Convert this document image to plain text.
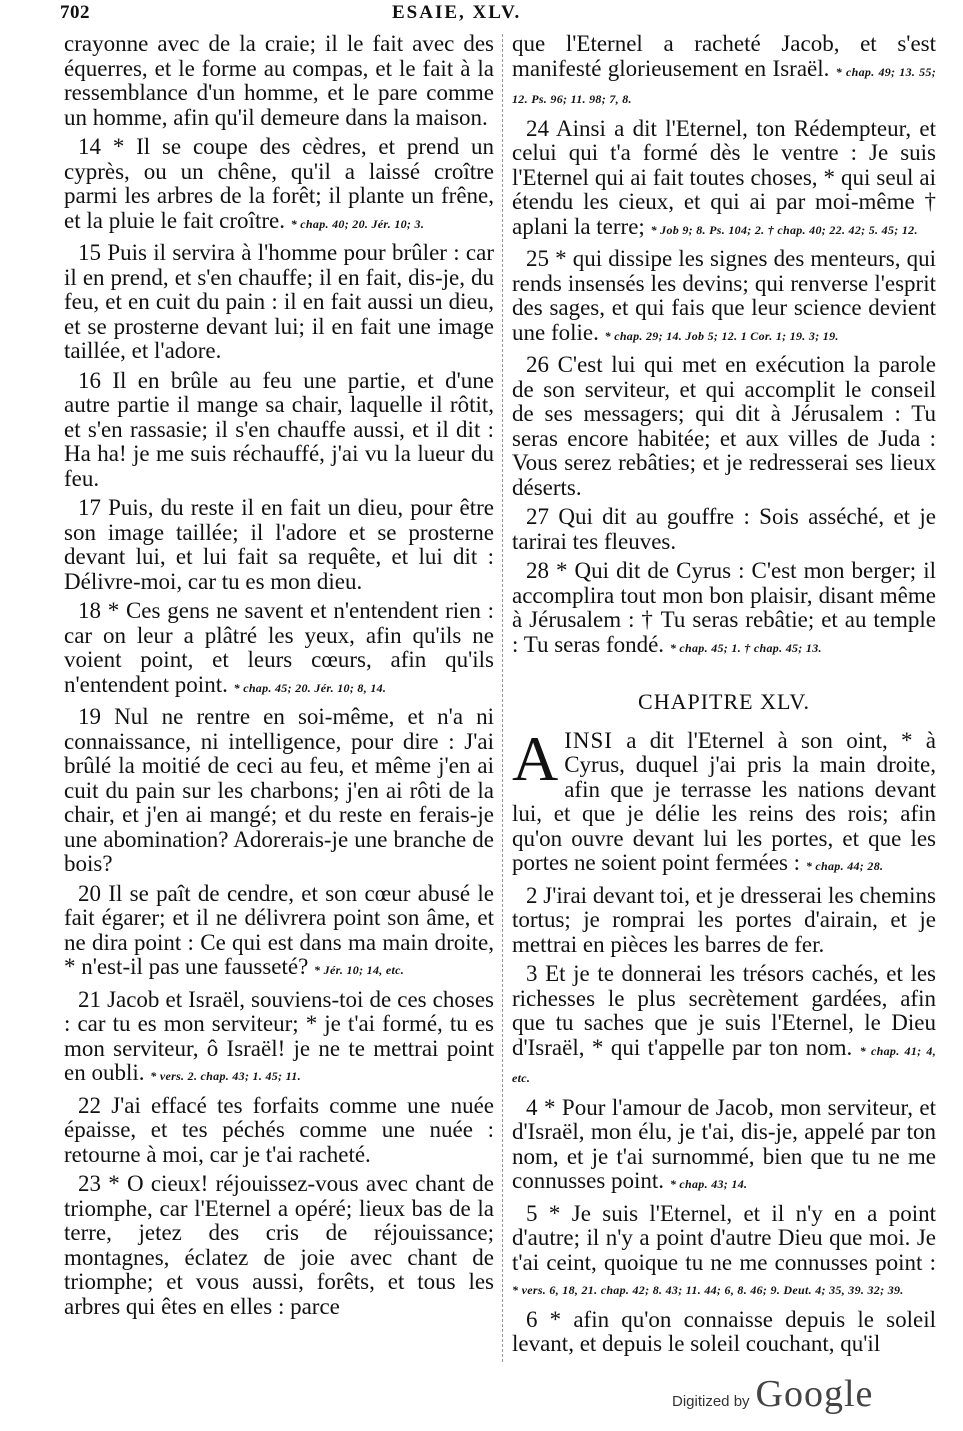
702	ESAIE, XLV.
crayonne avec de la craie; il le fait avec des équerres, et le forme au compas, et le fait à la ressemblance d'un homme, et le pare comme un homme, afin qu'il demeure dans la maison.
14 * Il se coupe des cèdres, et prend un cyprès, ou un chêne, qu'il a laissé croître parmi les arbres de la forêt; il plante un frêne, et la pluie le fait croître. * chap. 40; 20. Jér. 10; 3.
15 Puis il servira à l'homme pour brûler : car il en prend, et s'en chauffe; il en fait, dis-je, du feu, et en cuit du pain : il en fait aussi un dieu, et se prosterne devant lui; il en fait une image taillée, et l'adore.
16 Il en brûle au feu une partie, et d'une autre partie il mange sa chair, laquelle il rôtit, et s'en rassasie; il s'en chauffe aussi, et il dit : Ha ha! je me suis réchauffé, j'ai vu la lueur du feu.
17 Puis, du reste il en fait un dieu, pour être son image taillée; il l'adore et se prosterne devant lui, et lui fait sa requête, et lui dit : Délivre-moi, car tu es mon dieu.
18 * Ces gens ne savent et n'entendent rien : car on leur a plâtré les yeux, afin qu'ils ne voient point, et leurs cœurs, afin qu'ils n'entendent point. * chap. 45; 20. Jér. 10; 8, 14.
19 Nul ne rentre en soi-même, et n'a ni connaissance, ni intelligence, pour dire : J'ai brûlé la moitié de ceci au feu, et même j'en ai cuit du pain sur les charbons; j'en ai rôti de la chair, et j'en ai mangé; et du reste en ferais-je une abomination? Adorerais-je une branche de bois?
20 Il se paît de cendre, et son cœur abusé le fait égarer; et il ne délivrera point son âme, et ne dira point : Ce qui est dans ma main droite, * n'est-il pas une fausseté? * Jér. 10; 14, etc.
21 Jacob et Israël, souviens-toi de ces choses : car tu es mon serviteur; * je t'ai formé, tu es mon serviteur, ô Israël! je ne te mettrai point en oubli. * vers. 2. chap. 43; 1. 45; 11.
22 J'ai effacé tes forfaits comme une nuée épaisse, et tes péchés comme une nuée : retourne à moi, car je t'ai racheté.
23 * O cieux! réjouissez-vous avec chant de triomphe, car l'Eternel a opéré; lieux bas de la terre, jetez des cris de réjouissance; montagnes, éclatez de joie avec chant de triomphe; et vous aussi, forêts, et tous les arbres qui êtes en elles : parce
que l'Eternel a racheté Jacob, et s'est manifesté glorieusement en Israël. * chap. 49; 13. 55; 12. Ps. 96; 11. 98; 7, 8.
24 Ainsi a dit l'Eternel, ton Rédempteur, et celui qui t'a formé dès le ventre : Je suis l'Eternel qui ai fait toutes choses, * qui seul ai étendu les cieux, et qui ai par moi-même † aplani la terre; * Job 9; 8. Ps. 104; 2. † chap. 40; 22. 42; 5. 45; 12.
25 * qui dissipe les signes des menteurs, qui rends insensés les devins; qui renverse l'esprit des sages, et qui fais que leur science devient une folie. * chap. 29; 14. Job 5; 12. 1 Cor. 1; 19. 3; 19.
26 C'est lui qui met en exécution la parole de son serviteur, et qui accomplit le conseil de ses messagers; qui dit à Jérusalem : Tu seras encore habitée; et aux villes de Juda : Vous serez rebâties; et je redresserai ses lieux déserts.
27 Qui dit au gouffre : Sois asséché, et je tarirai tes fleuves.
28 * Qui dit de Cyrus : C'est mon berger; il accomplira tout mon bon plaisir, disant même à Jérusalem : † Tu seras rebâtie; et au temple : Tu seras fondé. * chap. 45; 1. † chap. 45; 13.
CHAPITRE XLV.
AINSI a dit l'Eternel à son oint, * à Cyrus, duquel j'ai pris la main droite, afin que je terrasse les nations devant lui, et que je délie les reins des rois; afin qu'on ouvre devant lui les portes, et que les portes ne soient point fermées : * chap. 44; 28.
2 J'irai devant toi, et je dresserai les chemins tortus; je romprai les portes d'airain, et je mettrai en pièces les barres de fer.
3 Et je te donnerai les trésors cachés, et les richesses le plus secrètement gardées, afin que tu saches que je suis l'Eternel, le Dieu d'Israël, * qui t'appelle par ton nom. * chap. 41; 4, etc.
4 * Pour l'amour de Jacob, mon serviteur, et d'Israël, mon élu, je t'ai, dis-je, appelé par ton nom, et je t'ai surnommé, bien que tu ne me connusses point. * chap. 43; 14.
5 * Je suis l'Eternel, et il n'y en a point d'autre; il n'y a point d'autre Dieu que moi. Je t'ai ceint, quoique tu ne me connusses point : * vers. 6, 18, 21. chap. 42; 8. 43; 11. 44; 6, 8. 46; 9. Deut. 4; 35, 39. 32; 39.
6 * afin qu'on connaisse depuis le soleil levant, et depuis le soleil couchant, qu'il
Digitized by Google
